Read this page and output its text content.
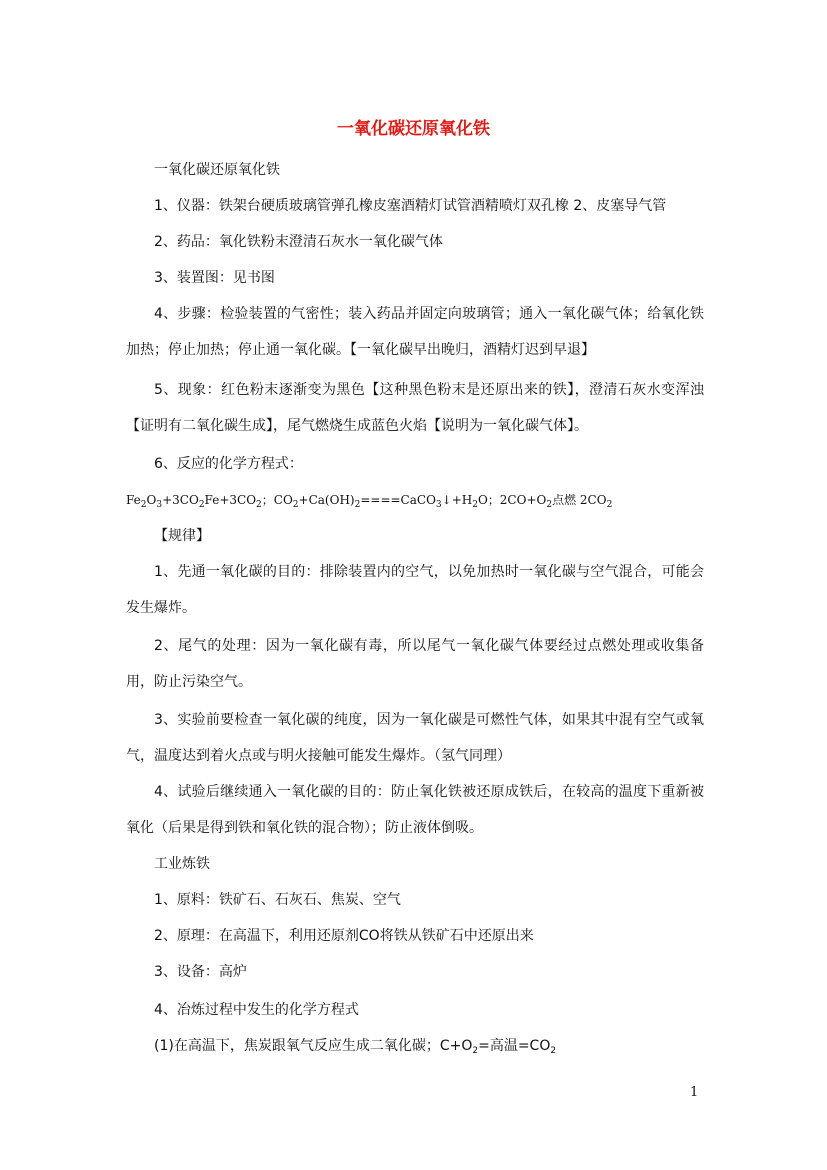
一氧化碳还原氧化铁

一氧化碳还原氧化铁

1、仪器：铁架台硬质玻璃管弹孔橡皮塞酒精灯试管酒精喷灯双孔橡 2、皮塞导气管

2、药品：氧化铁粉末澄清石灰水一氧化碳气体

3、装置图：见书图

4、步骤：检验装置的气密性；装入药品并固定向玻璃管；通入一氧化碳气体；给氧化铁加热；停止加热；停止通一氧化碳。【一氧化碳早出晚归，酒精灯迟到早退】

5、现象：红色粉末逐渐变为黑色【这种黑色粉末是还原出来的铁】，澄清石灰水变浑浊【证明有二氧化碳生成】，尾气燃烧生成蓝色火焰【说明为一氧化碳气体】。

6、反应的化学方程式：

$Fe_2O_3+3CO_2Fe+3CO_2$；$CO_2+Ca(OH)_2====CaCO_3↓+H_2O$；$2CO+O_2$点燃 $2CO_2$

【规律】

1、先通一氧化碳的目的：排除装置内的空气，以免加热时一氧化碳与空气混合，可能会发生爆炸。

2、尾气的处理：因为一氧化碳有毒，所以尾气一氧化碳气体要经过点燃处理或收集备用，防止污染空气。

3、实验前要检查一氧化碳的纯度，因为一氧化碳是可燃性气体，如果其中混有空气或氧气，温度达到着火点或与明火接触可能发生爆炸。（氢气同理）

4、试验后继续通入一氧化碳的目的：防止氧化铁被还原成铁后，在较高的温度下重新被氧化（后果是得到铁和氧化铁的混合物）；防止液体倒吸。

工业炼铁

1、原料：铁矿石、石灰石、焦炭、空气

2、原理：在高温下，利用还原剂CO将铁从铁矿石中还原出来

3、设备：高炉

4、冶炼过程中发生的化学方程式

(1)在高温下，焦炭跟氧气反应生成二氧化碳；$C+O_2=$高温$=CO_2$

1
